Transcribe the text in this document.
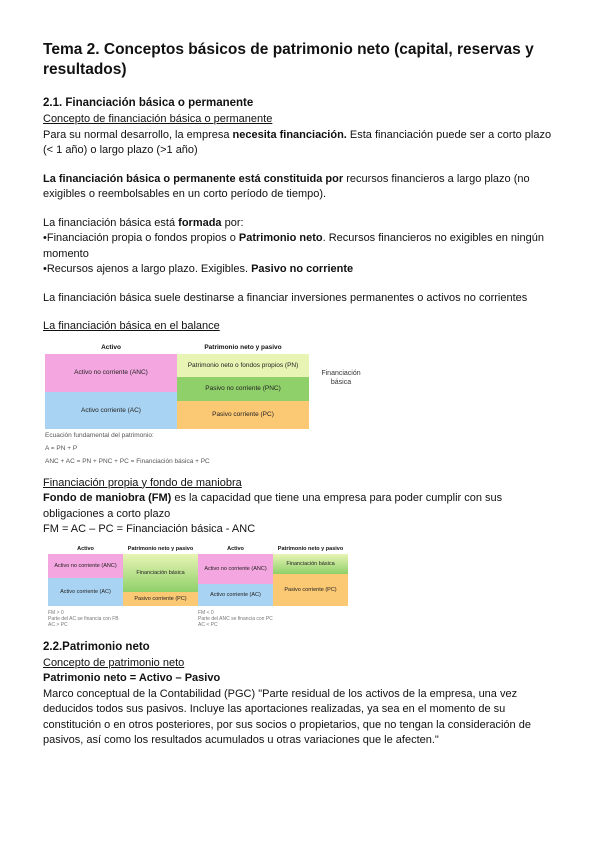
Tema 2. Conceptos básicos de patrimonio neto (capital, reservas y resultados)
2.1. Financiación básica o permanente
Concepto de financiación básica o permanente
Para su normal desarrollo, la empresa necesita financiación. Esta financiación puede ser a corto plazo (< 1 año) o largo plazo (>1 año)
La financiación básica o permanente está constituida por recursos financieros a largo plazo (no exigibles o reembolsables en un corto período de tiempo).
La financiación básica está formada por:
•Financiación propia o fondos propios o Patrimonio neto. Recursos financieros no exigibles en ningún momento
•Recursos ajenos a largo plazo. Exigibles. Pasivo no corriente
La financiación básica suele destinarse a financiar inversiones permanentes o activos no corrientes
La financiación básica en el balance
Activo	Patrimonio neto y pasivo
Activo no corriente (ANC)
Activo corriente (AC)
Patrimonio neto o fondos propios (PN)
Pasivo no corriente (PNC)
Pasivo corriente (PC)
Financiación básica
Ecuación fundamental del patrimonio:
A = PN + P
ANC + AC = PN + PNC + PC = Financiación básica + PC
Financiación propia y fondo de maniobra
Fondo de maniobra (FM) es la capacidad que tiene una empresa para poder cumplir con sus obligaciones a corto plazo
FM = AC – PC = Financiación básica - ANC
Activo	Patrimonio neto y pasivo
Activo no corriente (ANC)
Activo corriente (AC)
Financiación básica
Pasivo corriente (PC)
FM > 0
Parte del AC se financia con FB
AC > PC
Activo	Patrimonio neto y pasivo
Activo no corriente (ANC)
Activo corriente (AC)
Financiación básica
Pasivo corriente (PC)
FM < 0
Parte del ANC se financia con PC
AC < PC
2.2.Patrimonio neto
Concepto de patrimonio neto
Patrimonio neto = Activo – Pasivo
Marco conceptual de la Contabilidad (PGC) "Parte residual de los activos de la empresa, una vez deducidos todos sus pasivos. Incluye las aportaciones realizadas, ya sea en el momento de su constitución o en otros posteriores, por sus socios o propietarios, que no tengan la consideración de pasivos, así como los resultados acumulados u otras variaciones que le afecten."
